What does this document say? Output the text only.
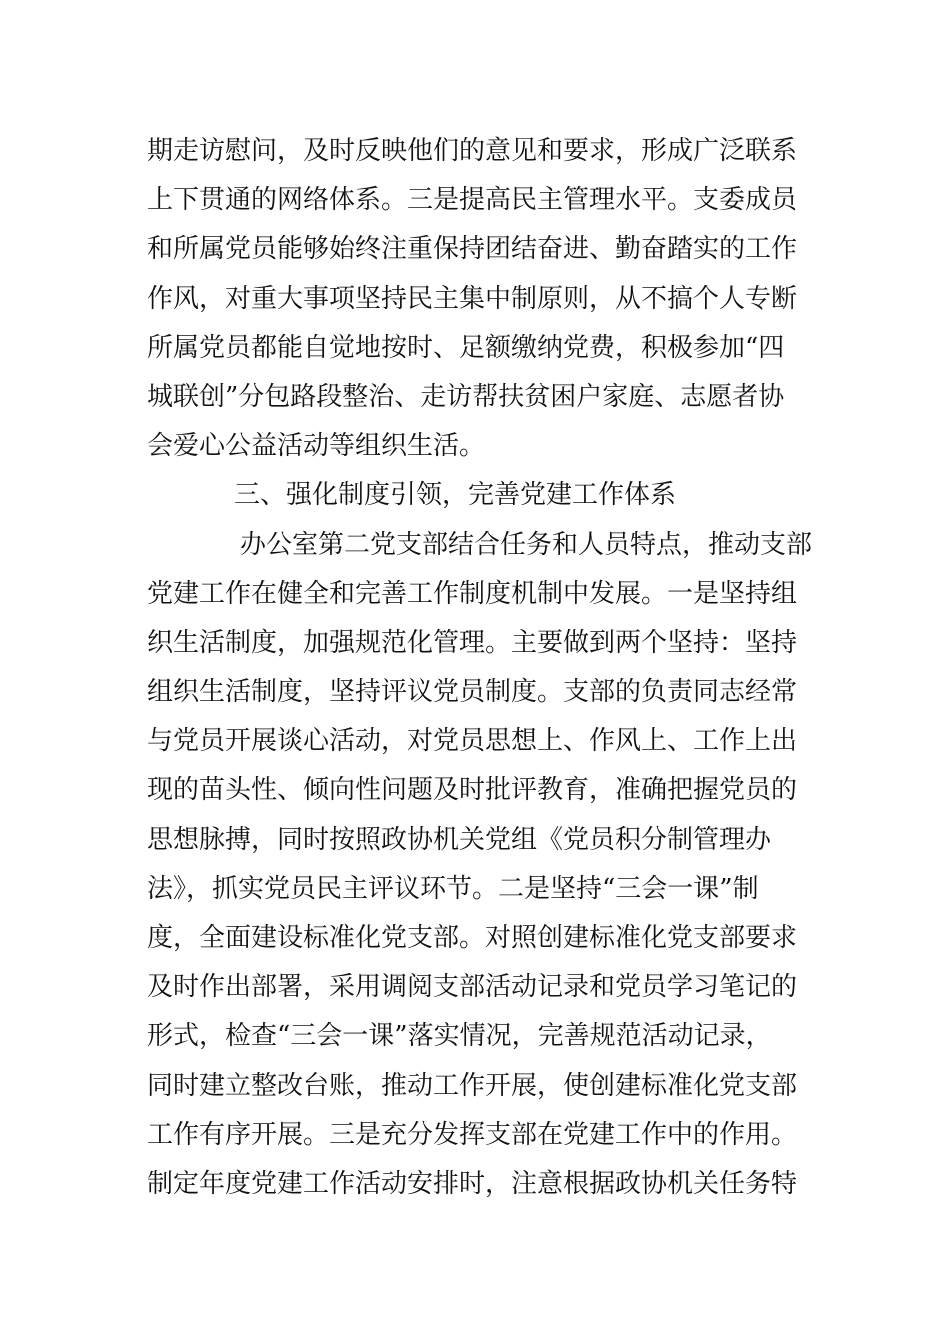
期走访慰问，及时反映他们的意见和要求，形成广泛联系
上下贯通的网络体系。三是提高民主管理水平。支委成员
和所属党员能够始终注重保持团结奋进、勤奋踏实的工作
作风，对重大事项坚持民主集中制原则，从不搞个人专断
所属党员都能自觉地按时、足额缴纳党费，积极参加“四
城联创”分包路段整治、走访帮扶贫困户家庭、志愿者协
会爱心公益活动等组织生活。
三、强化制度引领，完善党建工作体系
办公室第二党支部结合任务和人员特点，推动支部
党建工作在健全和完善工作制度机制中发展。一是坚持组
织生活制度，加强规范化管理。主要做到两个坚持：坚持
组织生活制度，坚持评议党员制度。支部的负责同志经常
与党员开展谈心活动，对党员思想上、作风上、工作上出
现的苗头性、倾向性问题及时批评教育，准确把握党员的
思想脉搏，同时按照政协机关党组《党员积分制管理办
法》，抓实党员民主评议环节。二是坚持“三会一课”制
度，全面建设标准化党支部。对照创建标准化党支部要求
及时作出部署，采用调阅支部活动记录和党员学习笔记的
形式，检查“三会一课”落实情况，完善规范活动记录，
同时建立整改台账，推动工作开展，使创建标准化党支部
工作有序开展。三是充分发挥支部在党建工作中的作用。
制定年度党建工作活动安排时，注意根据政协机关任务特
